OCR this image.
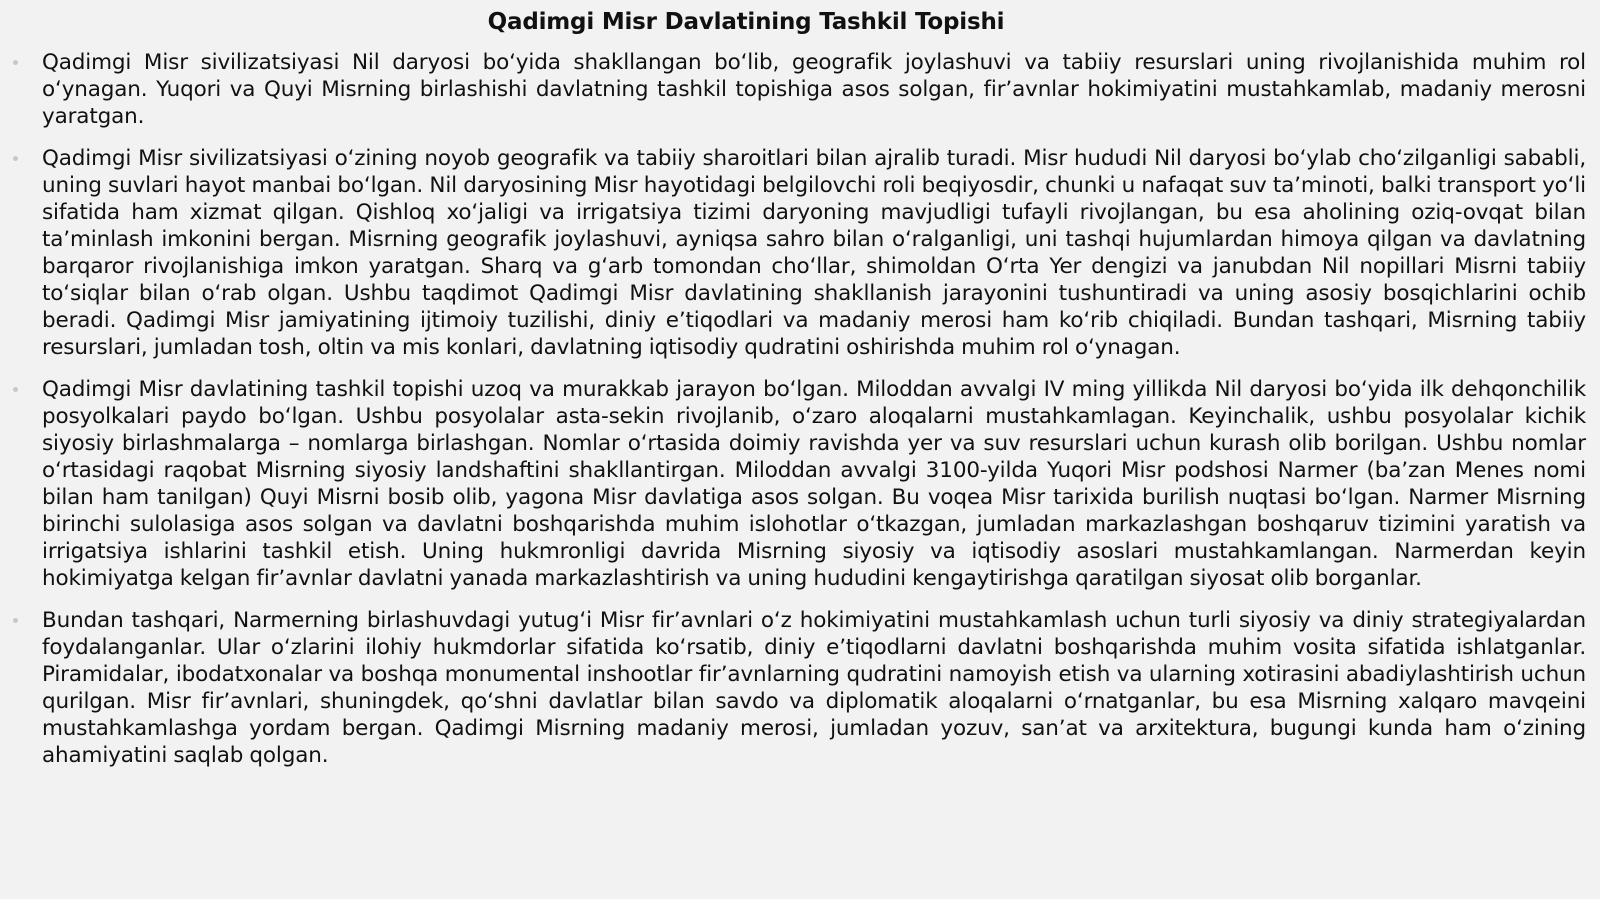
Qadimgi Misr Davlatining Tashkil Topishi
Qadimgi Misr sivilizatsiyasi Nil daryosi boʻyida shakllangan boʻlib, geografik joylashuvi va tabiiy resurslari uning rivojlanishida muhim rol oʻynagan. Yuqori va Quyi Misrning birlashishi davlatning tashkil topishiga asos solgan, firʼavnlar hokimiyatini mustahkamlab, madaniy merosni yaratgan.
Qadimgi Misr sivilizatsiyasi oʻzining noyob geografik va tabiiy sharoitlari bilan ajralib turadi. Misr hududi Nil daryosi boʻylab choʻzilganligi sababli, uning suvlari hayot manbai boʻlgan. Nil daryosining Misr hayotidagi belgilovchi roli beqiyosdir, chunki u nafaqat suv taʼminoti, balki transport yoʻli sifatida ham xizmat qilgan. Qishloq xoʻjaligi va irrigatsiya tizimi daryoning mavjudligi tufayli rivojlangan, bu esa aholining oziq-ovqat bilan taʼminlash imkonini bergan. Misrning geografik joylashuvi, ayniqsa sahro bilan oʻralganligi, uni tashqi hujumlardan himoya qilgan va davlatning barqaror rivojlanishiga imkon yaratgan. Sharq va gʻarb tomondan choʻllar, shimoldan Oʻrta Yer dengizi va janubdan Nil nopillari Misrni tabiiy toʻsiqlar bilan oʻrab olgan. Ushbu taqdimot Qadimgi Misr davlatining shakllanish jarayonini tushuntiradi va uning asosiy bosqichlarini ochib beradi. Qadimgi Misr jamiyatining ijtimoiy tuzilishi, diniy eʼtiqodlari va madaniy merosi ham koʻrib chiqiladi. Bundan tashqari, Misrning tabiiy resurslari, jumladan tosh, oltin va mis konlari, davlatning iqtisodiy qudratini oshirishda muhim rol oʻynagan.
Qadimgi Misr davlatining tashkil topishi uzoq va murakkab jarayon boʻlgan. Miloddan avvalgi IV ming yillikda Nil daryosi boʻyida ilk dehqonchilik posyolkalari paydo boʻlgan. Ushbu posyolalar asta-sekin rivojlanib, oʻzaro aloqalarni mustahkamlagan. Keyinchalik, ushbu posyolalar kichik siyosiy birlashmalarga – nomlarga birlashgan. Nomlar oʻrtasida doimiy ravishda yer va suv resurslari uchun kurash olib borilgan. Ushbu nomlar oʻrtasidagi raqobat Misrning siyosiy landshaftini shakllantirgan. Miloddan avvalgi 3100-yilda Yuqori Misr podshosi Narmer (baʼzan Menes nomi bilan ham tanilgan) Quyi Misrni bosib olib, yagona Misr davlatiga asos solgan. Bu voqea Misr tarixida burilish nuqtasi boʻlgan. Narmer Misrning birinchi sulolasiga asos solgan va davlatni boshqarishda muhim islohotlar oʻtkazgan, jumladan markazlashgan boshqaruv tizimini yaratish va irrigatsiya ishlarini tashkil etish. Uning hukmronligi davrida Misrning siyosiy va iqtisodiy asoslari mustahkamlangan. Narmerdan keyin hokimiyatga kelgan firʼavnlar davlatni yanada markazlashtirish va uning hududini kengaytirishga qaratilgan siyosat olib borganlar.
Bundan tashqari, Narmerning birlashuvdagi yutugʻi Misr firʼavnlari oʻz hokimiyatini mustahkamlash uchun turli siyosiy va diniy strategiyalardan foydalanganlar. Ular oʻzlarini ilohiy hukmdorlar sifatida koʻrsatib, diniy eʼtiqodlarni davlatni boshqarishda muhim vosita sifatida ishlatganlar. Piramidalar, ibodatxonalar va boshqa monumental inshootlar firʼavnlarning qudratini namoyish etish va ularning xotirasini abadiylashtirish uchun qurilgan. Misr firʼavnlari, shuningdek, qoʻshni davlatlar bilan savdo va diplomatik aloqalarni oʻrnatganlar, bu esa Misrning xalqaro mavqeini mustahkamlashga yordam bergan. Qadimgi Misrning madaniy merosi, jumladan yozuv, sanʼat va arxitektura, bugungi kunda ham oʻzining ahamiyatini saqlab qolgan.
